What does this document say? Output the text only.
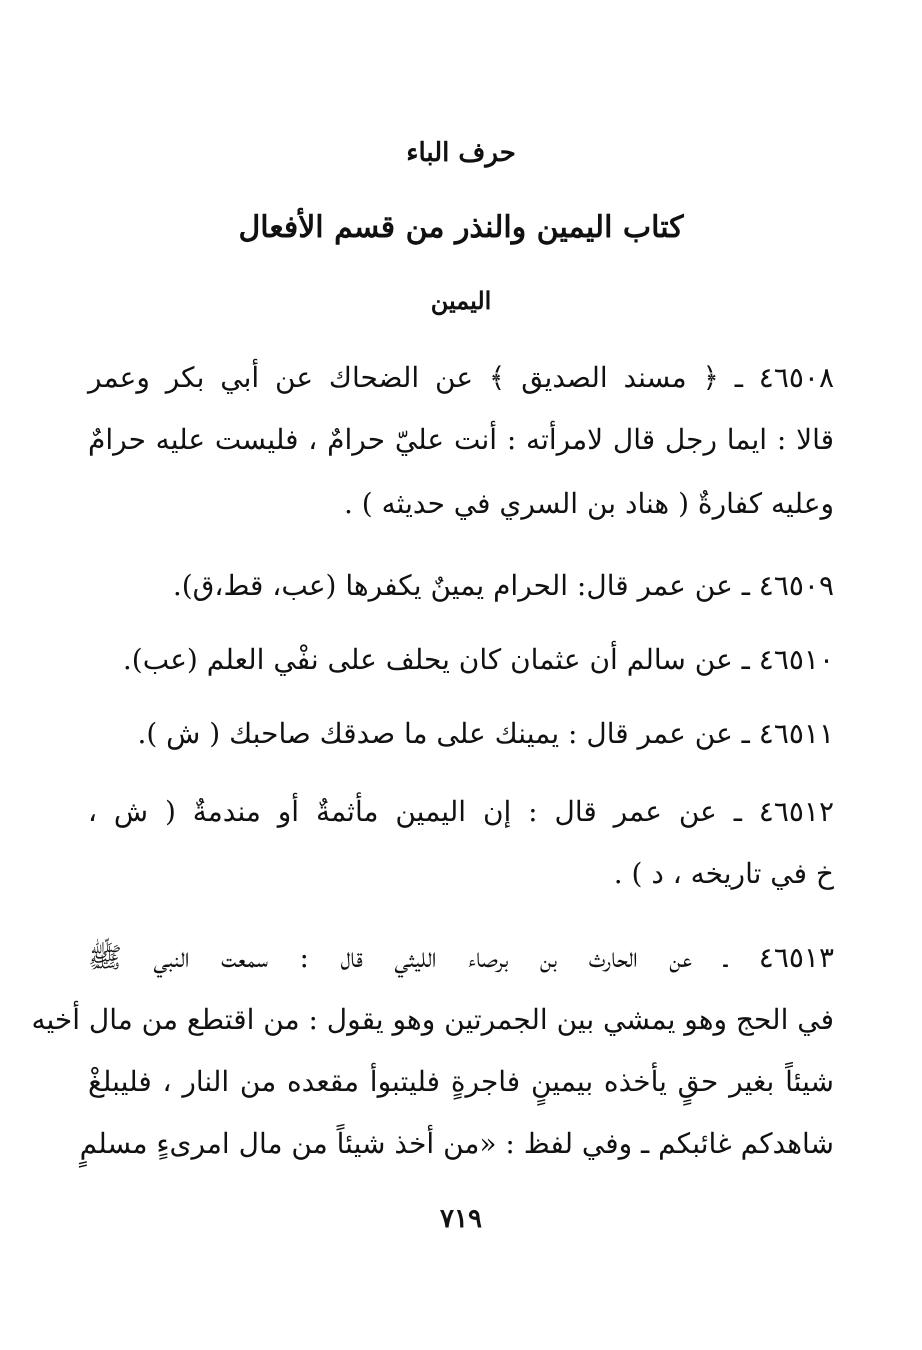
حرف الباء
كتاب اليمين والنذر من قسم الأفعال
اليمين
٤٦٥٠٨ ـ ﴿ مسند الصديق ﴾ عن الضحاك عن أبي بكر وعمر
قالا : ايما رجل قال لامرأته : أنت عليّ حرامٌ ، فليست عليه حرامٌ
وعليه كفارةٌ ( هناد بن السري في حديثه ) .
٤٦٥٠٩ ـ عن عمر قال: الحرام يمينٌ يكفرها (عب، قط،ق).
٤٦٥١٠ ـ عن سالم أن عثمان كان يحلف على نفْي العلم (عب).
٤٦٥١١ ـ عن عمر قال : يمينك على ما صدقك صاحبك ( ش ).
٤٦٥١٢ ـ عن عمر قال : إن اليمين مأثمةٌ أو مندمةٌ ( ش ،
خ في تاريخه ، د ) .
٤٦٥١٣ ـ عن الحارث بن برصاء الليثي قال : سمعت النبي ﷺ
في الحج وهو يمشي بين الجمرتين وهو يقول : من اقتطع من مال أخيه
شيئاً بغير حقٍ يأخذه بيمينٍ فاجرةٍ فليتبوأ مقعده من النار ، فليبلغْ
شاهدكم غائبكم ـ وفي لفظ : «من أخذ شيئاً من مال امرىءٍ مسلمٍ
٧١٩
